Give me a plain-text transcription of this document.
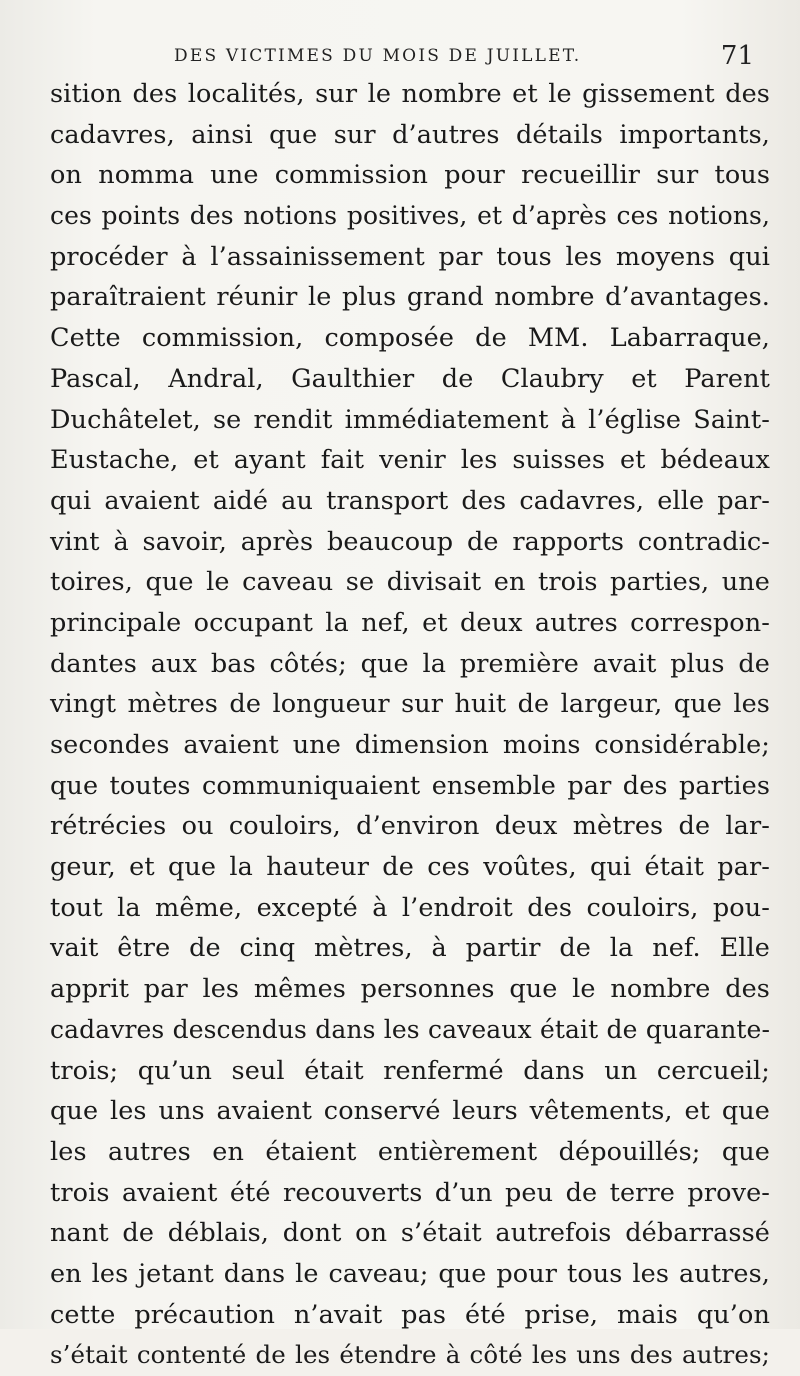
DES VICTIMES DU MOIS DE JUILLET.	71
sition des localités, sur le nombre et le gissement des
cadavres, ainsi que sur d’autres détails importants,
on nomma une commission pour recueillir sur tous
ces points des notions positives, et d’après ces notions,
procéder à l’assainissement par tous les moyens qui
paraîtraient réunir le plus grand nombre d’avantages.
Cette commission, composée de MM. Labarraque,
Pascal, Andral, Gaulthier de Claubry et Parent
Duchâtelet, se rendit immédiatement à l’église Saint-
Eustache, et ayant fait venir les suisses et bédeaux
qui avaient aidé au transport des cadavres, elle par-
vint à savoir, après beaucoup de rapports contradic-
toires, que le caveau se divisait en trois parties, une
principale occupant la nef, et deux autres correspon-
dantes aux bas côtés; que la première avait plus de
vingt mètres de longueur sur huit de largeur, que les
secondes avaient une dimension moins considérable;
que toutes communiquaient ensemble par des parties
rétrécies ou couloirs, d’environ deux mètres de lar-
geur, et que la hauteur de ces voûtes, qui était par-
tout la même, excepté à l’endroit des couloirs, pou-
vait être de cinq mètres, à partir de la nef. Elle
apprit par les mêmes personnes que le nombre des
cadavres descendus dans les caveaux était de quarante-
trois; qu’un seul était renfermé dans un cercueil;
que les uns avaient conservé leurs vêtements, et que
les autres en étaient entièrement dépouillés; que
trois avaient été recouverts d’un peu de terre prove-
nant de déblais, dont on s’était autrefois débarrassé
en les jetant dans le caveau; que pour tous les autres,
cette précaution n’avait pas été prise, mais qu’on
s’était contenté de les étendre à côté les uns des autres;
